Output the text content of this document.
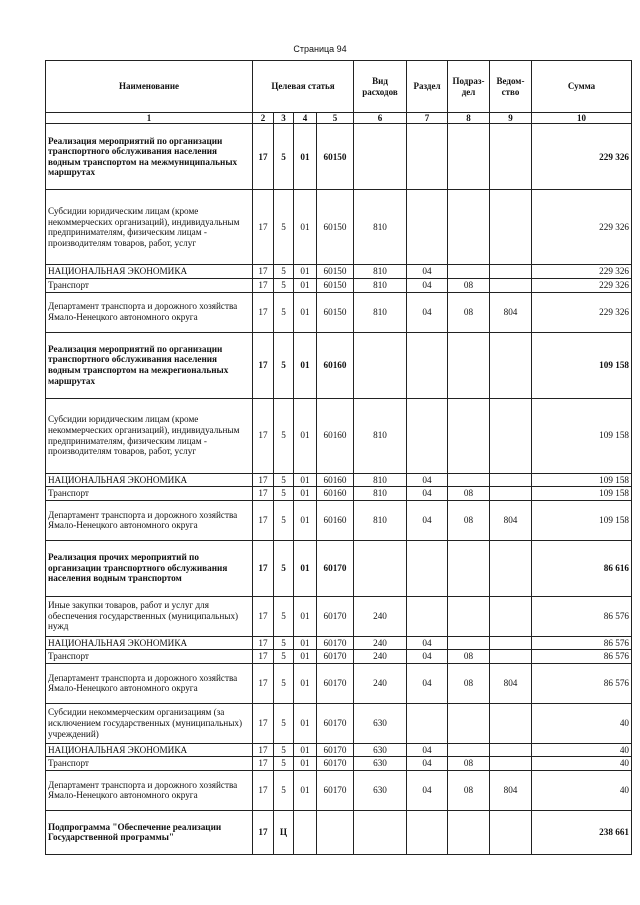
Страница 94
Наименование	Целевая статья				Вид расходов	Раздел	Подраз-дел	Ведом-ство	Сумма
1	2	3	4	5	6	7	8	9	10
Реализация мероприятий по организации транспортного обслуживания населения водным транспортом на межмуниципальных маршрутах	17	5	01	60150					229 326
Субсидии юридическим лицам (кроме некоммерческих организаций), индивидуальным предпринимателям, физическим лицам - производителям товаров, работ, услуг	17	5	01	60150	810				229 326
НАЦИОНАЛЬНАЯ ЭКОНОМИКА	17	5	01	60150	810	04			229 326
Транспорт	17	5	01	60150	810	04	08		229 326
Департамент транспорта и дорожного хозяйства Ямало-Ненецкого автономного округа	17	5	01	60150	810	04	08	804	229 326
Реализация мероприятий по организации транспортного обслуживания населения водным транспортом на межрегиональных маршрутах	17	5	01	60160					109 158
Субсидии юридическим лицам (кроме некоммерческих организаций), индивидуальным предпринимателям, физическим лицам - производителям товаров, работ, услуг	17	5	01	60160	810				109 158
НАЦИОНАЛЬНАЯ ЭКОНОМИКА	17	5	01	60160	810	04			109 158
Транспорт	17	5	01	60160	810	04	08		109 158
Департамент транспорта и дорожного хозяйства Ямало-Ненецкого автономного округа	17	5	01	60160	810	04	08	804	109 158
Реализация прочих мероприятий по организации транспортного обслуживания населения водным транспортом	17	5	01	60170					86 616
Иные закупки товаров, работ и услуг для обеспечения государственных (муниципальных) нужд	17	5	01	60170	240				86 576
НАЦИОНАЛЬНАЯ ЭКОНОМИКА	17	5	01	60170	240	04			86 576
Транспорт	17	5	01	60170	240	04	08		86 576
Департамент транспорта и дорожного хозяйства Ямало-Ненецкого автономного округа	17	5	01	60170	240	04	08	804	86 576
Субсидии некоммерческим организациям (за исключением государственных (муниципальных) учреждений)	17	5	01	60170	630				40
НАЦИОНАЛЬНАЯ ЭКОНОМИКА	17	5	01	60170	630	04			40
Транспорт	17	5	01	60170	630	04	08		40
Департамент транспорта и дорожного хозяйства Ямало-Ненецкого автономного округа	17	5	01	60170	630	04	08	804	40
Подпрограмма "Обеспечение реализации Государственной программы"	17	Ц							238 661
